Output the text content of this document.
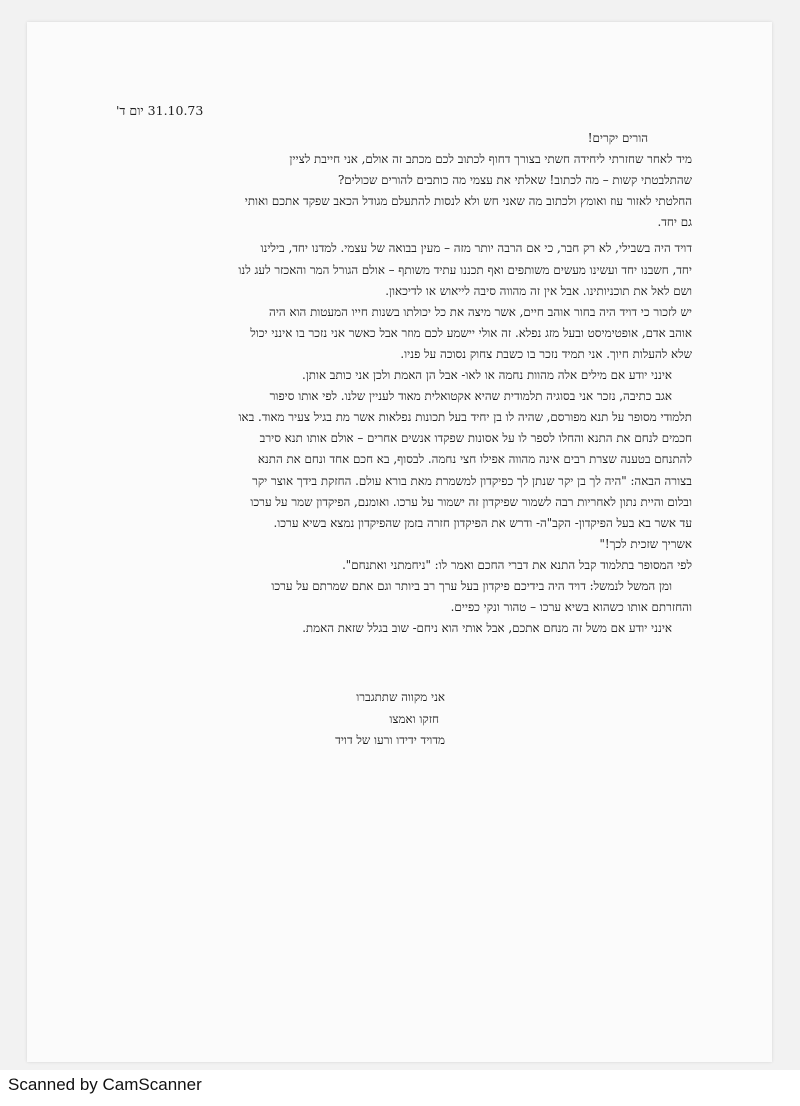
31.10.73 יום ד'
הורים יקרים!
מיד לאחר שחזרתי ליחידה חשתי בצורך דחוף לכתוב לכם מכתב זה אולם, אני חייבת לציין
שהתלבטתי קשות – מה לכתוב! שאלתי את עצמי מה כותבים להורים שכולים?
החלטתי לאזור עוז ואומץ ולכתוב מה שאני חש ולא לנסות להתעלם מגודל הכאב שפקד אתכם ואותי
גם יחד.
דויד היה בשבילי, לא רק חבר, כי אם הרבה יותר מזה – מעין בבואה של עצמי. למדנו יחד, בילינו
יחד, חשבנו יחד ועשינו מעשים משותפים ואף תכננו עתיד משותף – אולם הגורל המר והאכזר לעג לנו
ושם לאל את תוכניותינו. אבל אין זה מהווה סיבה לייאוש או לדיכאון.
יש לזכור כי דויד היה בחור אוהב חיים, אשר מיצה את כל יכולתו בשנות חייו המעטות הוא היה
אוהב אדם, אופטימיסט ובעל מזג נפלא. זה אולי יישמע לכם מוזר אבל כאשר אני נזכר בו אינני יכול
שלא להעלות חיוך. אני תמיד נזכר בו כשבת צחוק נסוכה על פניו.
אינני יודע אם מילים אלה מהוות נחמה או לאו- אבל הן האמת ולכן אני כותב אותן.
אגב כתיבה, נזכר אני בסוגיה תלמודית שהיא אקטואלית מאוד לעניין שלנו. לפי אותו סיפור
תלמודי מסופר על תנא מפורסם, שהיה לו בן יחיד בעל תכונות נפלאות אשר מת בגיל צעיר מאוד. באו
חכמים לנחם את התנא והחלו לספר לו על אסונות שפקדו אנשים אחרים – אולם אותו תנא סירב
להתנחם בטענה שצרת רבים אינה מהווה אפילו חצי נחמה. לבסוף, בא חכם אחד ונחם את התנא
בצורה הבאה: "היה לך בן יקר שנתן לך כפיקדון למשמרת מאת בורא עולם. החזקת בידך אוצר יקר
ובלום והיית נתון לאחריות רבה לשמור שפיקדון זה ישמור על ערכו. ואומנם, הפיקדון שמר על ערכו
עד אשר בא בעל הפיקדון- הקב"ה- ודרש את הפיקדון חזרה בזמן שהפיקדון נמצא בשיא ערכו.
אשריך שזכית לכך!"
לפי המסופר בתלמוד קבל התנא את דברי החכם ואמר לו: "ניחמתני ואתנחם".
ומן המשל לנמשל: דויד היה בידיכם פיקדון בעל ערך רב ביותר וגם אתם שמרתם על ערכו
והחזרתם אותו כשהוא בשיא ערכו – טהור ונקי כפיים.
אינני יודע אם משל זה מנחם אתכם, אבל אותי הוא ניחם- שוב בגלל שזאת האמת.
אני מקווה שתתגברו
חזקו ואמצו
מדויד ידידו ורעו של דויד
Scanned by CamScanner
